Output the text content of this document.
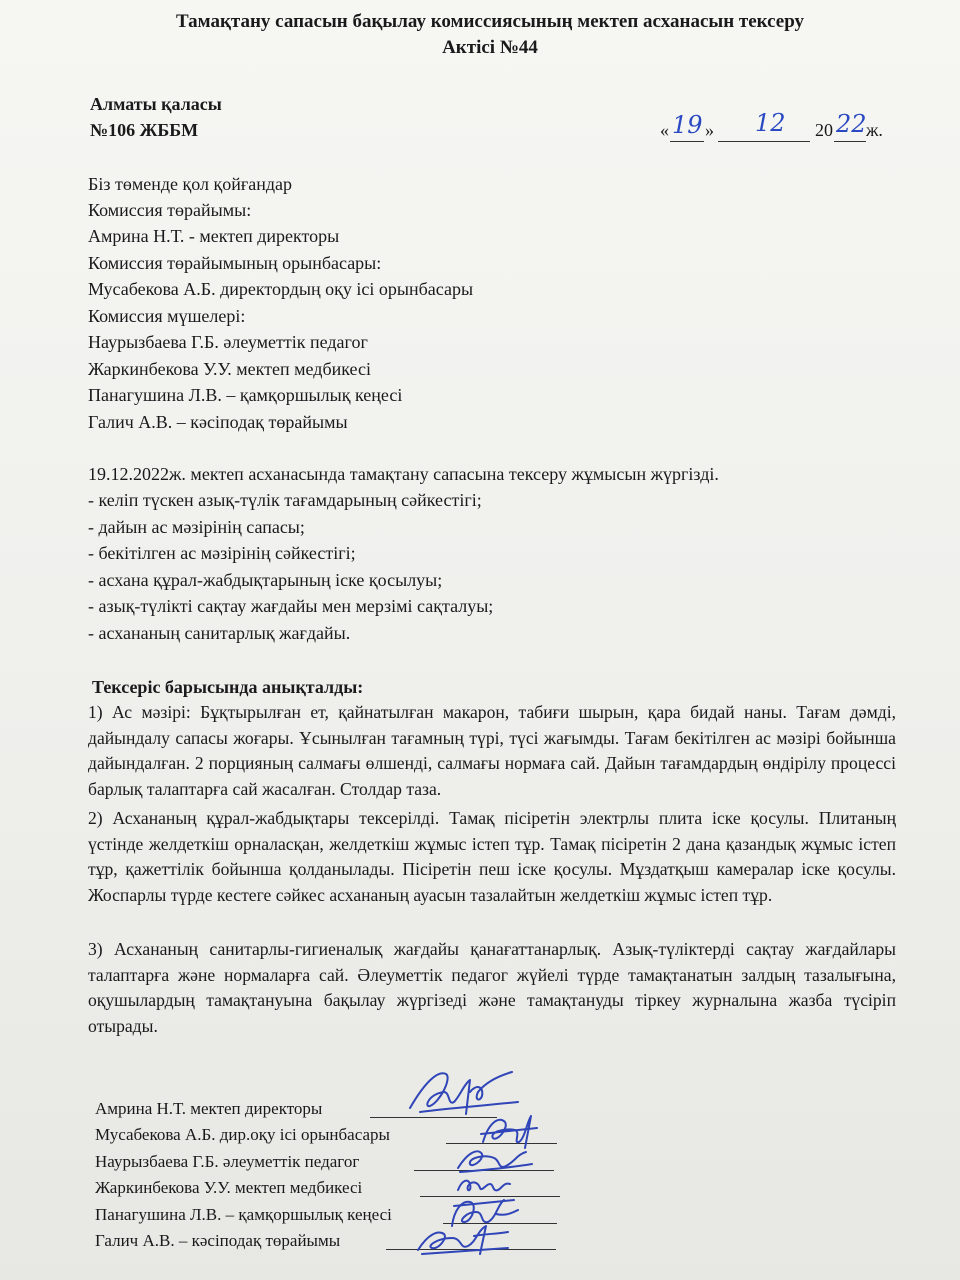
Тамақтану сапасын бақылау комиссиясының мектеп асханасын тексеру
Актісі №44
Алматы қаласы
№106 ЖББМ	« 19 » 12 20 22 ж.
Біз төменде қол қойғандар
Комиссия төрайымы:
Амрина Н.Т. - мектеп директоры
Комиссия төрайымының орынбасары:
Мусабекова А.Б. директордың оқу ісі орынбасары
Комиссия мүшелері:
Наурызбаева Г.Б. әлеуметтік педагог
Жаркинбекова У.У. мектеп медбикесі
Панагушина Л.В. – қамқоршылық кеңесі
Галич А.В. – кәсіподақ төрайымы
19.12.2022ж. мектеп асханасында тамақтану сапасына тексеру жұмысын жүргізді.
- келіп түскен азық-түлік тағамдарының сәйкестігі;
- дайын ас мәзірінің сапасы;
- бекітілген ас мәзірінің сәйкестігі;
- асхана құрал-жабдықтарының іске қосылуы;
- азық-түлікті сақтау жағдайы мен мерзімі сақталуы;
- асхананың санитарлық жағдайы.
Тексеріс барысында анықталды:
1) Ас мәзірі: Бұқтырылған ет, қайнатылған макарон, табиғи шырын, қара бидай наны. Тағам дәмді, дайындалу сапасы жоғары. Ұсынылған тағамның түрі, түсі жағымды. Тағам бекітілген ас мәзірі бойынша дайындалған. 2 порцияның салмағы өлшенді, салмағы нормаға сай. Дайын тағамдардың өндірілу процессі барлық талаптарға сай жасалған. Столдар таза.
2) Асхананың құрал-жабдықтары тексерілді. Тамақ пісіретін электрлы плита іске қосулы. Плитаның үстінде желдеткіш орналасқан, желдеткіш жұмыс істеп тұр. Тамақ пісіретін 2 дана қазандық жұмыс істеп тұр, қажеттілік бойынша қолданылады. Пісіретін пеш іске қосулы. Мұздатқыш камералар іске қосулы. Жоспарлы түрде кестеге сәйкес асхананың ауасын тазалайтын желдеткіш жұмыс істеп тұр.
3) Асхананың санитарлы-гигиеналық жағдайы қанағаттанарлық. Азық-түліктерді сақтау жағдайлары талаптарға және нормаларға сай. Әлеуметтік педагог жүйелі түрде тамақтанатын залдың тазалығына, оқушылардың тамақтануына бақылау жүргізеді және тамақтануды тіркеу журналына жазба түсіріп отырады.
Амрина Н.Т. мектеп директоры
Мусабекова А.Б. дир.оқу ісі орынбасары
Наурызбаева Г.Б. әлеуметтік педагог
Жаркинбекова У.У. мектеп медбикесі
Панагушина Л.В. – қамқоршылық кеңесі
Галич А.В. – кәсіподақ төрайымы
